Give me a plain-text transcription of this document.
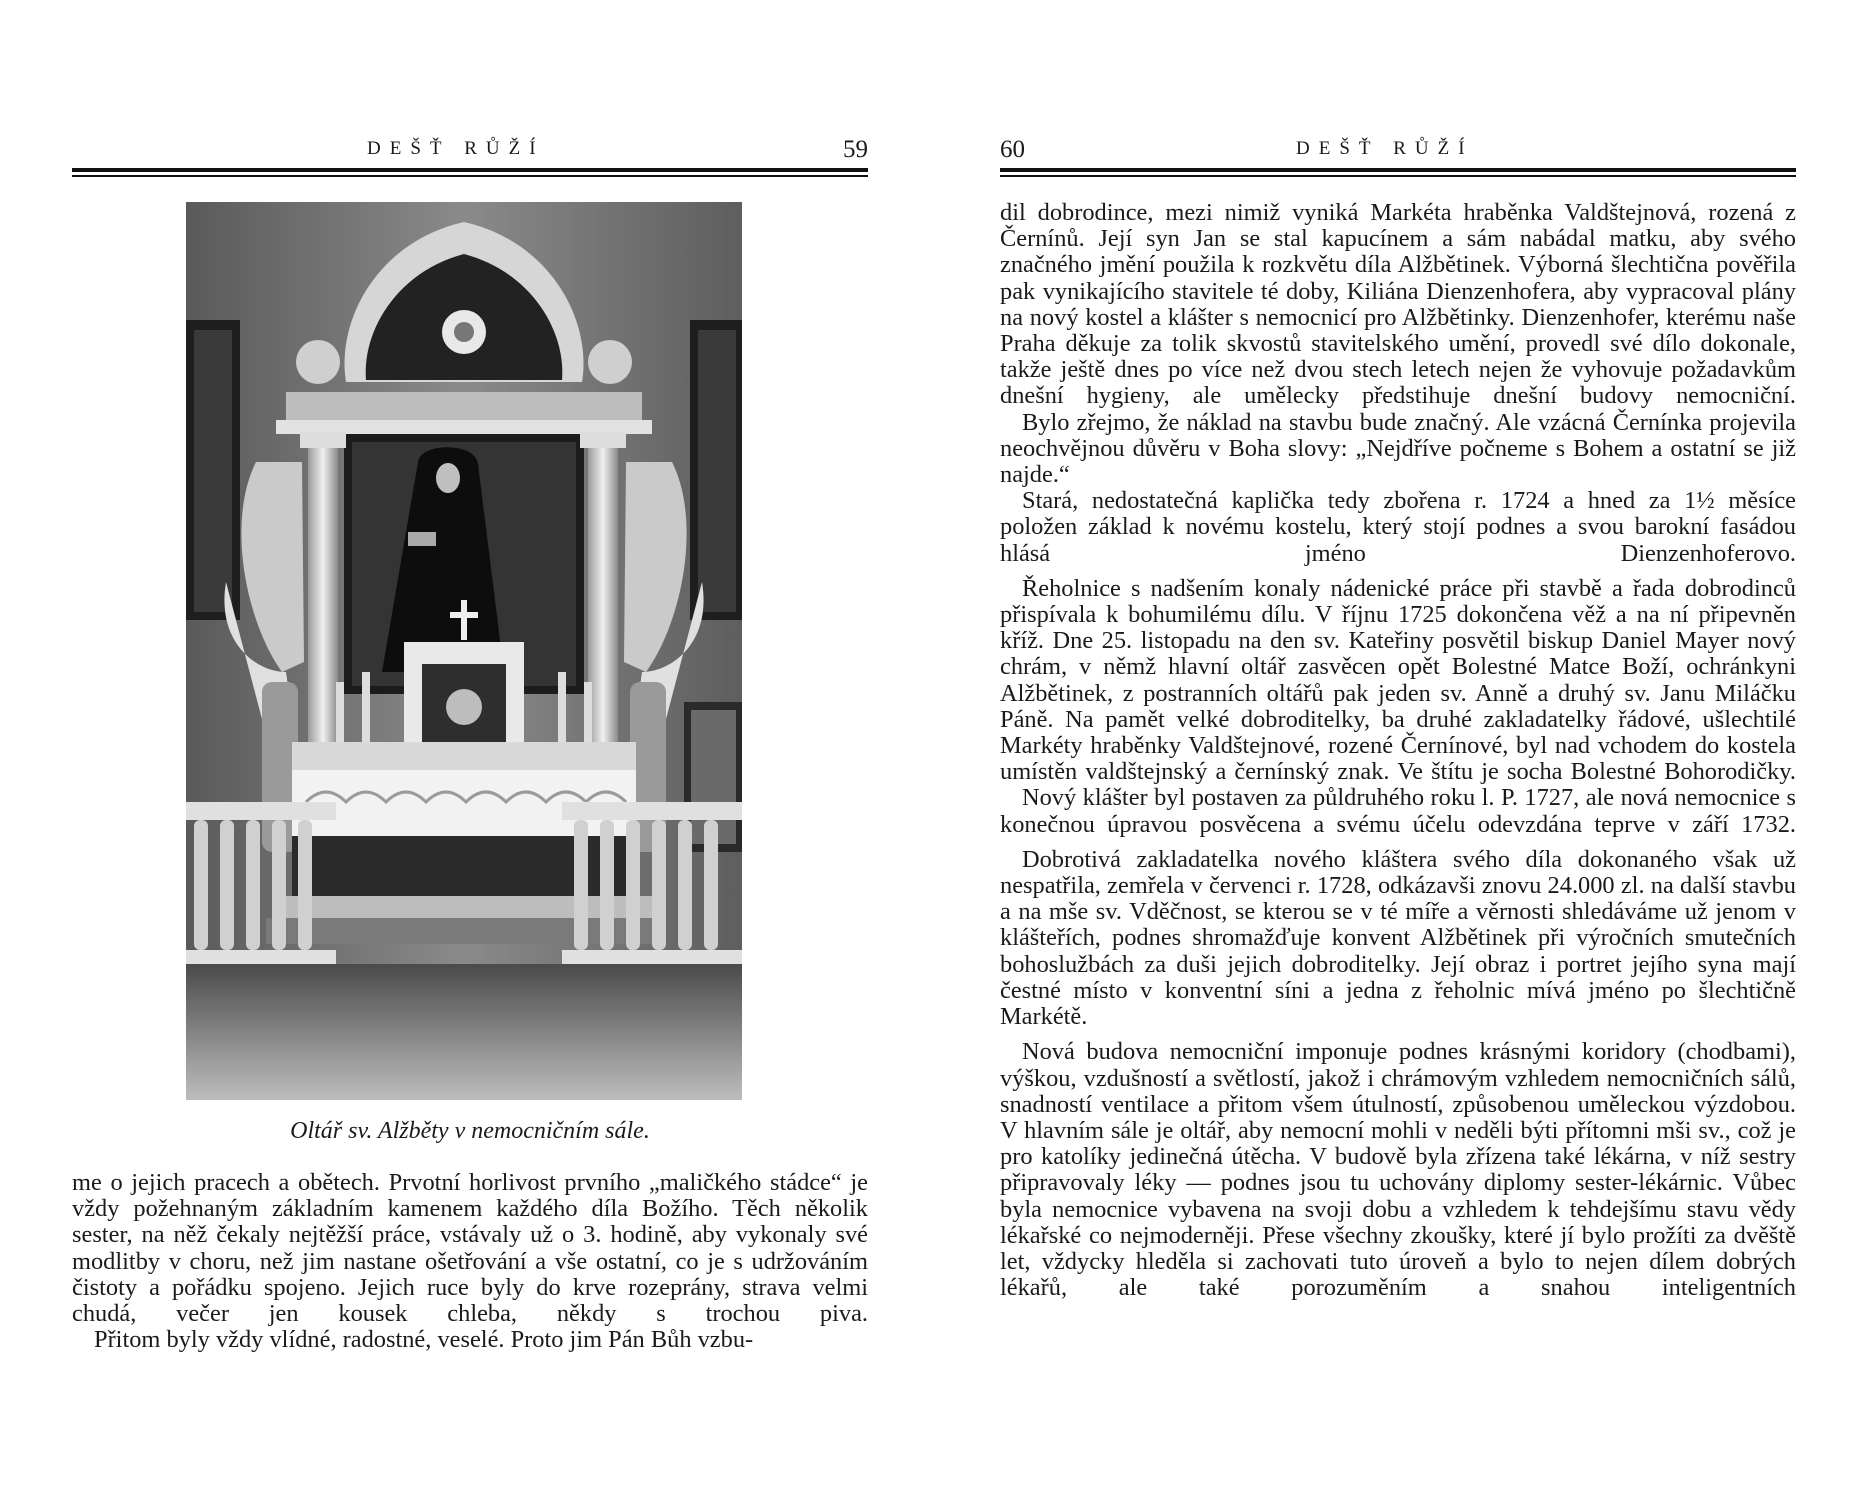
DEŠŤ RŮŽÍ	59
Oltář sv. Alžběty v nemocničním sále.

me o jejich pracech a obětech. Prvotní horlivost prvního „maličkého stádce“ je vždy požehnaným základním kamenem každého díla Božího. Těch několik sester, na něž čekaly nejtěžší práce, vstávaly už o 3. hodině, aby vykonaly své modlitby v choru, než jim nastane ošetřování a vše ostatní, co je s udržováním čistoty a pořádku spojeno. Jejich ruce byly do krve rozeprány, strava velmi chudá, večer jen kousek chleba, někdy s trochou piva.

Přitom byly vždy vlídné, radostné, veselé. Proto jim Pán Bůh vzbu-

60	DEŠŤ RŮŽÍ

dil dobrodince, mezi nimiž vyniká Markéta hraběnka Valdštejnová, rozená z Černínů. Její syn Jan se stal kapucínem a sám nabádal matku, aby svého značného jmění použila k rozkvětu díla Alžbětinek. Výborná šlechtična pověřila pak vynikajícího stavitele té doby, Kiliána Dienzenhofera, aby vypracoval plány na nový kostel a klášter s nemocnicí pro Alžbětinky. Dienzenhofer, kterému naše Praha děkuje za tolik skvostů stavitelského umění, provedl své dílo dokonale, takže ještě dnes po více než dvou stech letech nejen že vyhovuje požadavkům dnešní hygieny, ale umělecky předstihuje dnešní budovy nemocniční.

Bylo zřejmo, že náklad na stavbu bude značný. Ale vzácná Černínka projevila neochvějnou důvěru v Boha slovy: „Nejdříve počneme s Bohem a ostatní se již najde.“

Stará, nedostatečná kaplička tedy zbořena r. 1724 a hned za 1½ měsíce položen základ k novému kostelu, který stojí podnes a svou barokní fasádou hlásá jméno Dienzenhoferovo.

Řeholnice s nadšením konaly nádenické práce při stavbě a řada dobrodinců přispívala k bohumilému dílu. V říjnu 1725 dokončena věž a na ní připevněn kříž. Dne 25. listopadu na den sv. Kateřiny posvětil biskup Daniel Mayer nový chrám, v němž hlavní oltář zasvěcen opět Bolestné Matce Boží, ochránkyni Alžbětinek, z postranních oltářů pak jeden sv. Anně a druhý sv. Janu Miláčku Páně. Na pamět velké dobroditelky, ba druhé zakladatelky řádové, ušlechtilé Markéty hraběnky Valdštejnové, rozené Černínové, byl nad vchodem do kostela umístěn valdštejnský a černínský znak. Ve štítu je socha Bolestné Bohorodičky.

Nový klášter byl postaven za půldruhého roku l. P. 1727, ale nová nemocnice s konečnou úpravou posvěcena a svému účelu odevzdána teprve v září 1732.

Dobrotivá zakladatelka nového kláštera svého díla dokonaného však už nespatřila, zemřela v červenci r. 1728, odkázavši znovu 24.000 zl. na další stavbu a na mše sv. Vděčnost, se kterou se v té míře a věrnosti shledáváme už jenom v klášteřích, podnes shromažďuje konvent Alžbětinek při výročních smutečních bohoslužbách za duši jejich dobroditelky. Její obraz i portret jejího syna mají čestné místo v konventní síni a jedna z řeholnic mívá jméno po šlechtičně Markétě.

Nová budova nemocniční imponuje podnes krásnými koridory (chodbami), výškou, vzdušností a světlostí, jakož i chrámovým vzhledem nemocničních sálů, snadností ventilace a přitom všem útulností, způsobenou uměleckou výzdobou. V hlavním sále je oltář, aby nemocní mohli v neděli býti přítomni mši sv., což je pro katolíky jedinečná útěcha. V budově byla zřízena také lékárna, v níž sestry připravovaly léky — podnes jsou tu uchovány diplomy sester-lékárnic. Vůbec byla nemocnice vybavena na svoji dobu a vzhledem k tehdejšímu stavu vědy lékařské co nejmoderněji. Přese všechny zkoušky, které jí bylo prožíti za dvěště let, vždycky hleděla si zachovati tuto úroveň a bylo to nejen dílem dobrých lékařů, ale také porozuměním a snahou inteligentních
